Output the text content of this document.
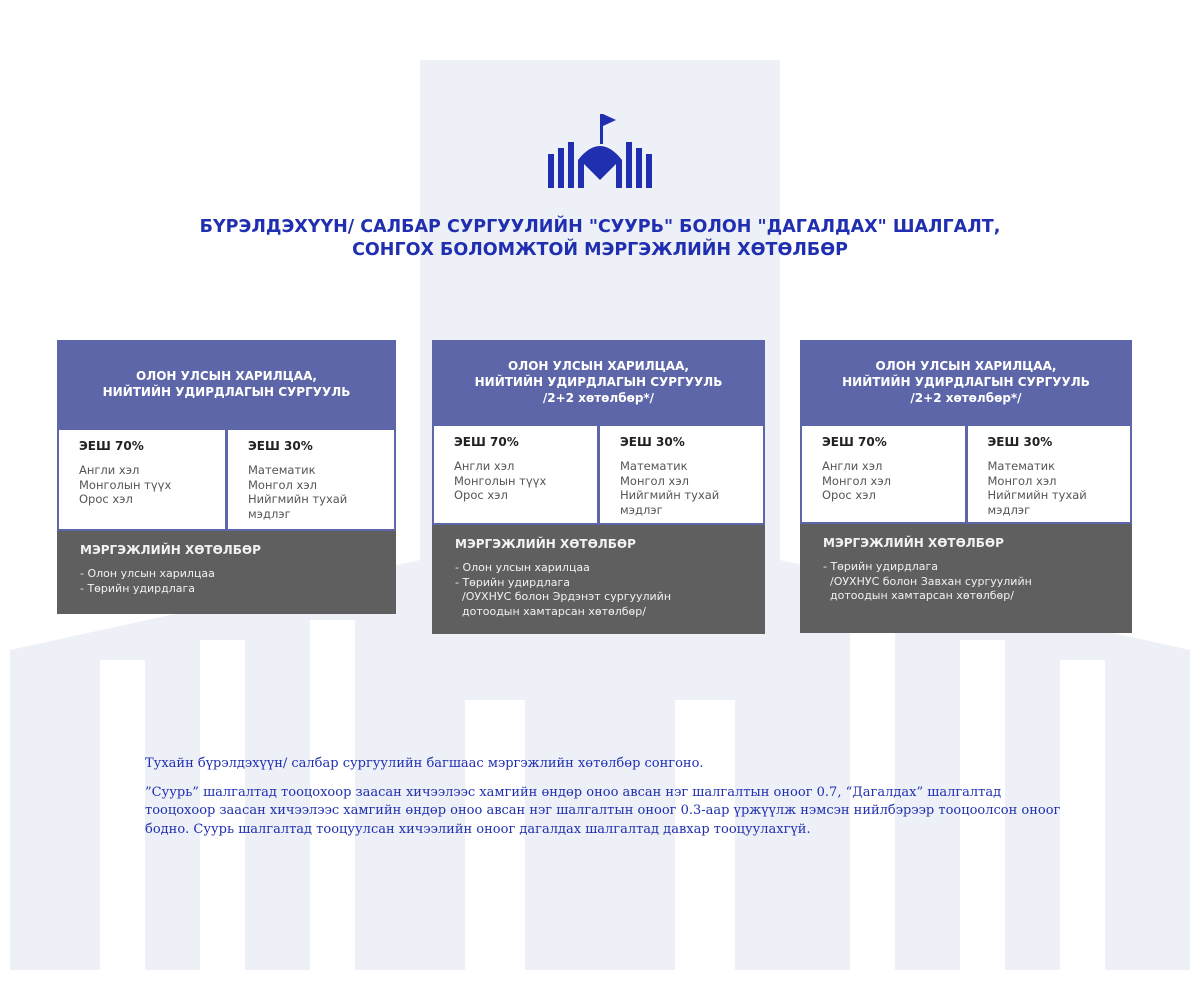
БҮРЭЛДЭХҮҮН/ САЛБАР СУРГУУЛИЙН "СУУРЬ" БОЛОН "ДАГАЛДАХ" ШАЛГАЛТ,
СОНГОХ БОЛОМЖТОЙ МЭРГЭЖЛИЙН ХӨТӨЛБӨР
ОЛОН УЛСЫН ХАРИЛЦАА,
НИЙТИЙН УДИРДЛАГЫН СУРГУУЛЬ
ЭЕШ 70%
Англи хэл
Монголын түүх
Орос хэл
ЭЕШ 30%
Математик
Монгол хэл
Нийгмийн тухай
мэдлэг
МЭРГЭЖЛИЙН ХӨТӨЛБӨР
- Олон улсын харилцаа
- Төрийн удирдлага
ОЛОН УЛСЫН ХАРИЛЦАА,
НИЙТИЙН УДИРДЛАГЫН СУРГУУЛЬ
/2+2 хөтөлбөр*/
ЭЕШ 70%
Англи хэл
Монголын түүх
Орос хэл
ЭЕШ 30%
Математик
Монгол хэл
Нийгмийн тухай
мэдлэг
МЭРГЭЖЛИЙН ХӨТӨЛБӨР
- Олон улсын харилцаа
- Төрийн удирдлага
/ОУХНУС болон Эрдэнэт сургуулийн
дотоодын хамтарсан хөтөлбөр/
ОЛОН УЛСЫН ХАРИЛЦАА,
НИЙТИЙН УДИРДЛАГЫН СУРГУУЛЬ
/2+2 хөтөлбөр*/
ЭЕШ 70%
Англи хэл
Монгол хэл
Орос хэл
ЭЕШ 30%
Математик
Монгол хэл
Нийгмийн тухай
мэдлэг
МЭРГЭЖЛИЙН ХӨТӨЛБӨР
- Төрийн удирдлага
/ОУХНУС болон Завхан сургуулийн
дотоодын хамтарсан хөтөлбөр/

Тухайн бүрэлдэхүүн/ салбар сургуулийн багшаас мэргэжлийн хөтөлбөр сонгоно.

”Суурь” шалгалтад тооцохоор заасан хичээлээс хамгийн өндөр оноо авсан нэг шалгалтын оноог 0.7, “Дагалдах” шалгалтад тооцохоор заасан хичээлээс хамгийн өндөр оноо авсан нэг шалгалтын оноог 0.3-аар үржүүлж нэмсэн нийлбэрээр тооцоолсон оноог бодно. Суурь шалгалтад тооцуулсан хичээлийн оноог дагалдах шалгалтад давхар тооцуулахгүй.
